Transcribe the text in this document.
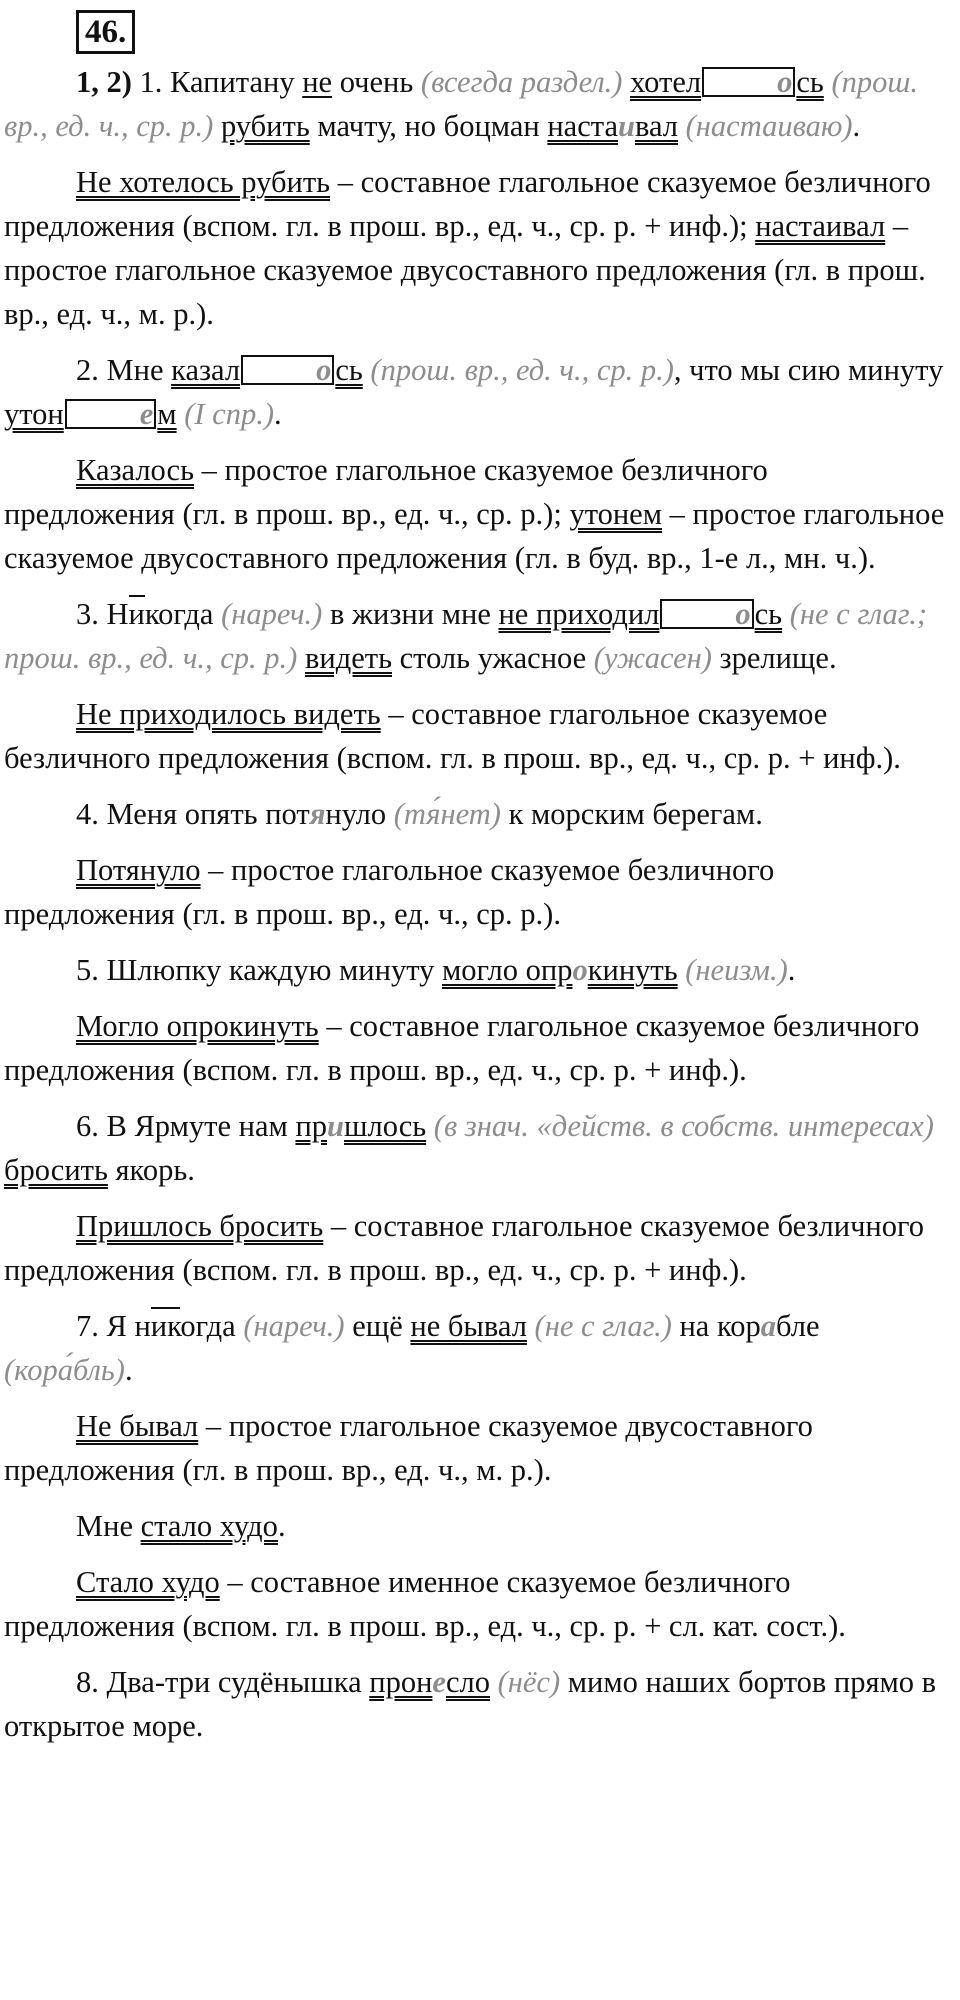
46.

1, 2) 1. Капитану не очень (всегда раздел.) хотел о сь (прош. вр., ед. ч., ср. р.) рубить мачту, но боцман настаивал (настаиваю).

Не хотелось рубить – составное глагольное сказуемое безличного предложения (вспом. гл. в прош. вр., ед. ч., ср. р. + инф.); настаивал – простое глагольное сказуемое двусоставного предложения (гл. в прош. вр., ед. ч., м. р.).

2. Мне казал о сь (прош. вр., ед. ч., ср. р.), что мы сию минуту утон е м (I спр.).

Казалось – простое глагольное сказуемое безличного предложения (гл. в прош. вр., ед. ч., ср. р.); утонем – простое глагольное сказуемое двусоставного предложения (гл. в буд. вр., 1-е л., мн. ч.).

3. Никогда (нареч.) в жизни мне не приходил о сь (не с глаг.; прош. вр., ед. ч., ср. р.) видеть столь ужасное (ужасен) зрелище.

Не приходилось видеть – составное глагольное сказуемое безличного предложения (вспом. гл. в прош. вр., ед. ч., ср. р. + инф.).

4. Меня опять потянуло (тя́нет) к морским берегам.

Потянуло – простое глагольное сказуемое безличного предложения (гл. в прош. вр., ед. ч., ср. р.).

5. Шлюпку каждую минуту могло опрокинуть (неизм.).

Могло опрокинуть – составное глагольное сказуемое безличного предложения (вспом. гл. в прош. вр., ед. ч., ср. р. + инф.).

6. В Ярмуте нам пришлось (в знач. «действ. в собств. интересах) бросить якорь.

Пришлось бросить – составное глагольное сказуемое безличного предложения (вспом. гл. в прош. вр., ед. ч., ср. р. + инф.).

7. Я никогда (нареч.) ещё не бывал (не с глаг.) на корабле (кора́бль).

Не бывал – простое глагольное сказуемое двусоставного предложения (гл. в прош. вр., ед. ч., м. р.).

Мне стало худо.

Стало худо – составное именное сказуемое безличного предложения (вспом. гл. в прош. вр., ед. ч., ср. р. + сл. кат. сост.).

8. Два-три судёнышка пронесло (нёс) мимо наших бортов прямо в открытое море.
